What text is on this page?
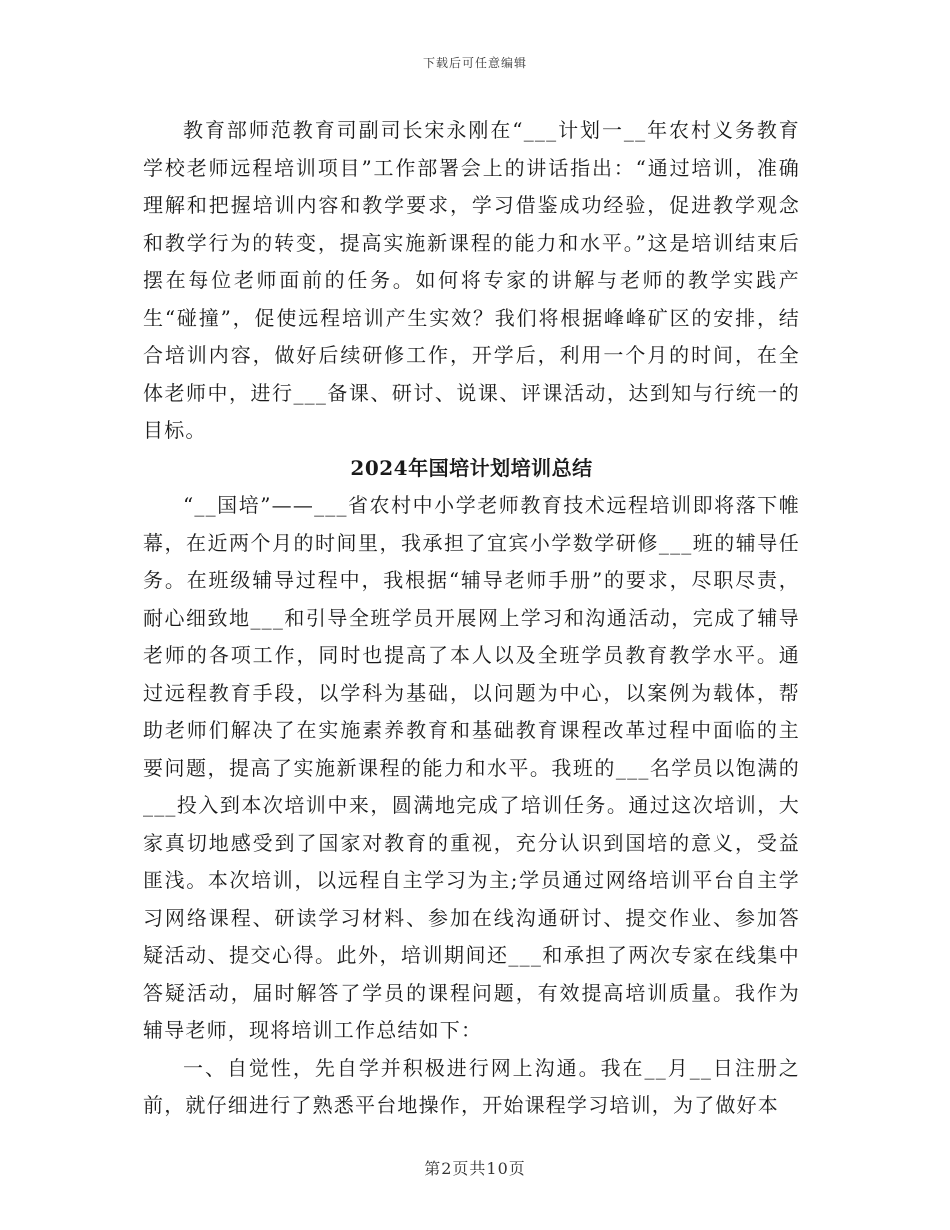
下载后可任意编辑

教育部师范教育司副司长宋永刚在“___计划一__年农村义务教育学校老师远程培训项目”工作部署会上的讲话指出：“通过培训，准确理解和把握培训内容和教学要求，学习借鉴成功经验，促进教学观念和教学行为的转变，提高实施新课程的能力和水平。”这是培训结束后摆在每位老师面前的任务。如何将专家的讲解与老师的教学实践产生“碰撞”，促使远程培训产生实效？我们将根据峰峰矿区的安排，结合培训内容，做好后续研修工作，开学后，利用一个月的时间，在全体老师中，进行___备课、研讨、说课、评课活动，达到知与行统一的目标。

2024年国培计划培训总结

“__国培”——___省农村中小学老师教育技术远程培训即将落下帷幕，在近两个月的时间里，我承担了宜宾小学数学研修___班的辅导任务。在班级辅导过程中，我根据“辅导老师手册”的要求，尽职尽责，耐心细致地___和引导全班学员开展网上学习和沟通活动，完成了辅导老师的各项工作，同时也提高了本人以及全班学员教育教学水平。通过远程教育手段，以学科为基础，以问题为中心，以案例为载体，帮助老师们解决了在实施素养教育和基础教育课程改革过程中面临的主要问题，提高了实施新课程的能力和水平。我班的___名学员以饱满的___投入到本次培训中来，圆满地完成了培训任务。通过这次培训，大家真切地感受到了国家对教育的重视，充分认识到国培的意义，受益匪浅。本次培训，以远程自主学习为主;学员通过网络培训平台自主学习网络课程、研读学习材料、参加在线沟通研讨、提交作业、参加答疑活动、提交心得。此外，培训期间还___和承担了两次专家在线集中答疑活动，届时解答了学员的课程问题，有效提高培训质量。我作为辅导老师，现将培训工作总结如下：

一、自觉性，先自学并积极进行网上沟通。我在__月__日注册之前，就仔细进行了熟悉平台地操作，开始课程学习培训，为了做好本

第2页共10页
